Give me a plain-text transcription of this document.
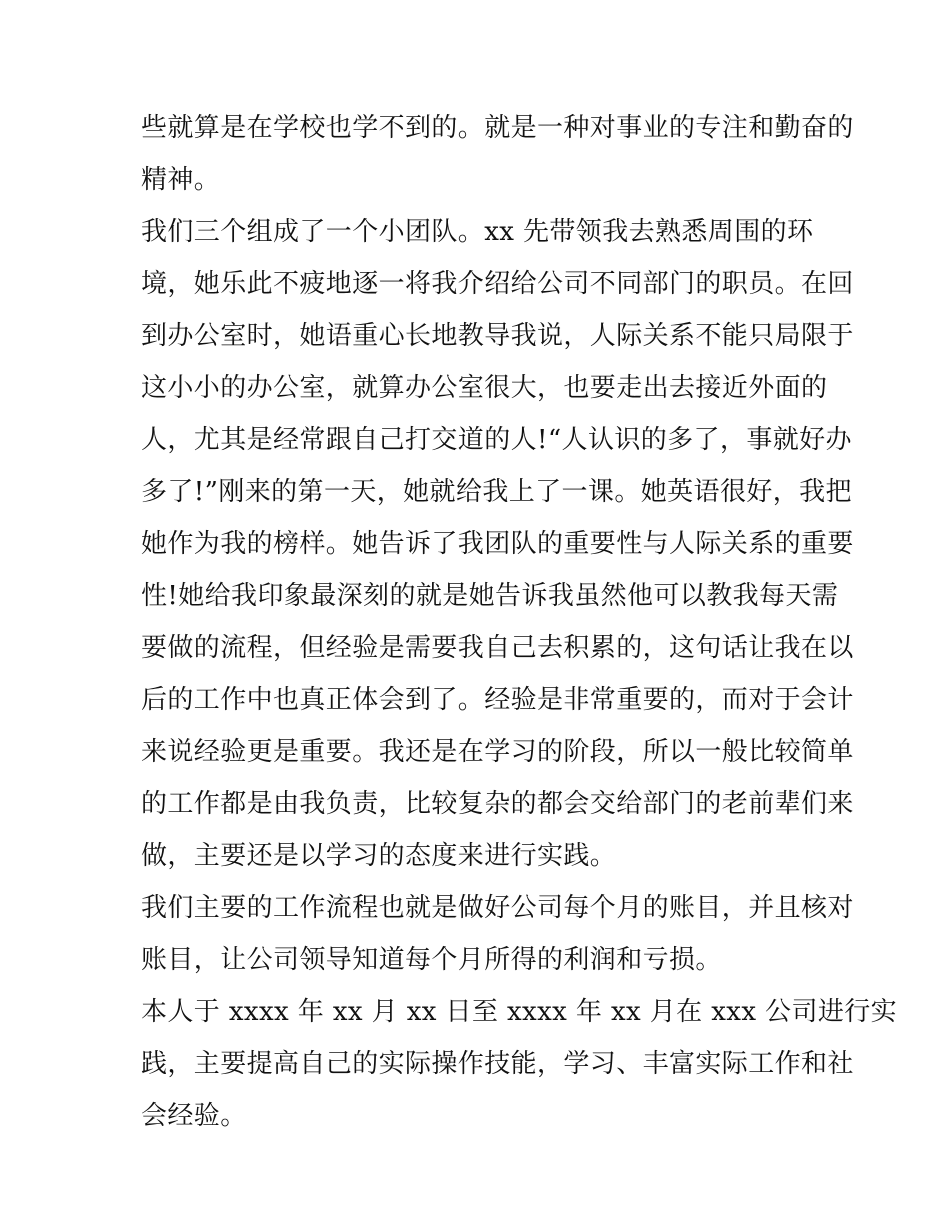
些就算是在学校也学不到的。就是一种对事业的专注和勤奋的
精神。
我们三个组成了一个小团队。xx 先带领我去熟悉周围的环
境，她乐此不疲地逐一将我介绍给公司不同部门的职员。在回
到办公室时，她语重心长地教导我说，人际关系不能只局限于
这小小的办公室，就算办公室很大，也要走出去接近外面的
人，尤其是经常跟自己打交道的人!“人认识的多了，事就好办
多了!”刚来的第一天，她就给我上了一课。她英语很好，我把
她作为我的榜样。她告诉了我团队的重要性与人际关系的重要
性!她给我印象最深刻的就是她告诉我虽然他可以教我每天需
要做的流程，但经验是需要我自己去积累的，这句话让我在以
后的工作中也真正体会到了。经验是非常重要的，而对于会计
来说经验更是重要。我还是在学习的阶段，所以一般比较简单
的工作都是由我负责，比较复杂的都会交给部门的老前辈们来
做，主要还是以学习的态度来进行实践。
我们主要的工作流程也就是做好公司每个月的账目，并且核对
账目，让公司领导知道每个月所得的利润和亏损。
本人于 xxxx 年 xx 月 xx 日至 xxxx 年 xx 月在 xxx 公司进行实
践，主要提高自己的实际操作技能，学习、丰富实际工作和社
会经验。
